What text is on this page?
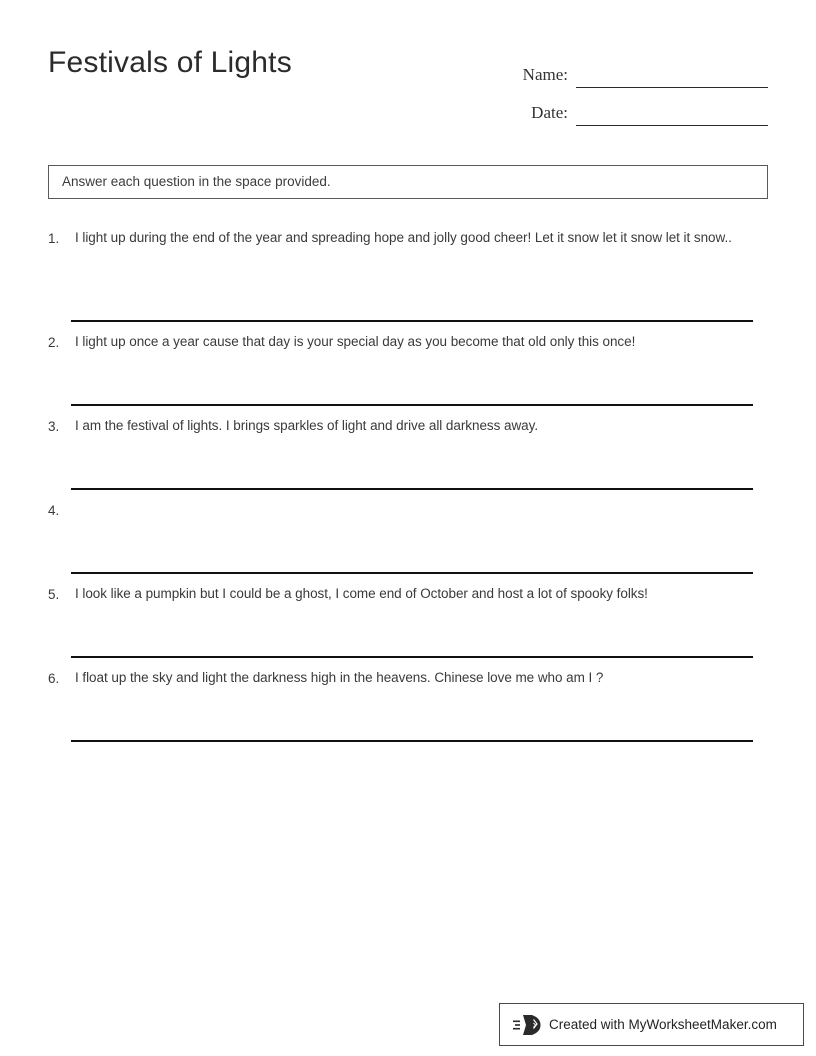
Festivals of Lights	Name:
Date:
Answer each question in the space provided.
1.	I light up during the end of the year and spreading hope and jolly good cheer! Let it snow let it snow let it snow..
2.	I light up once a year cause that day is your special day as you become that old only this once!
3.	I am the festival of lights. I brings sparkles of light and drive all darkness away.
4.
5.	I look like a pumpkin but I could be a ghost, I come end of October and host a lot of spooky folks!
6.	I float up the sky and light the darkness high in the heavens. Chinese love me who am I ?
Created with MyWorksheetMaker.com
